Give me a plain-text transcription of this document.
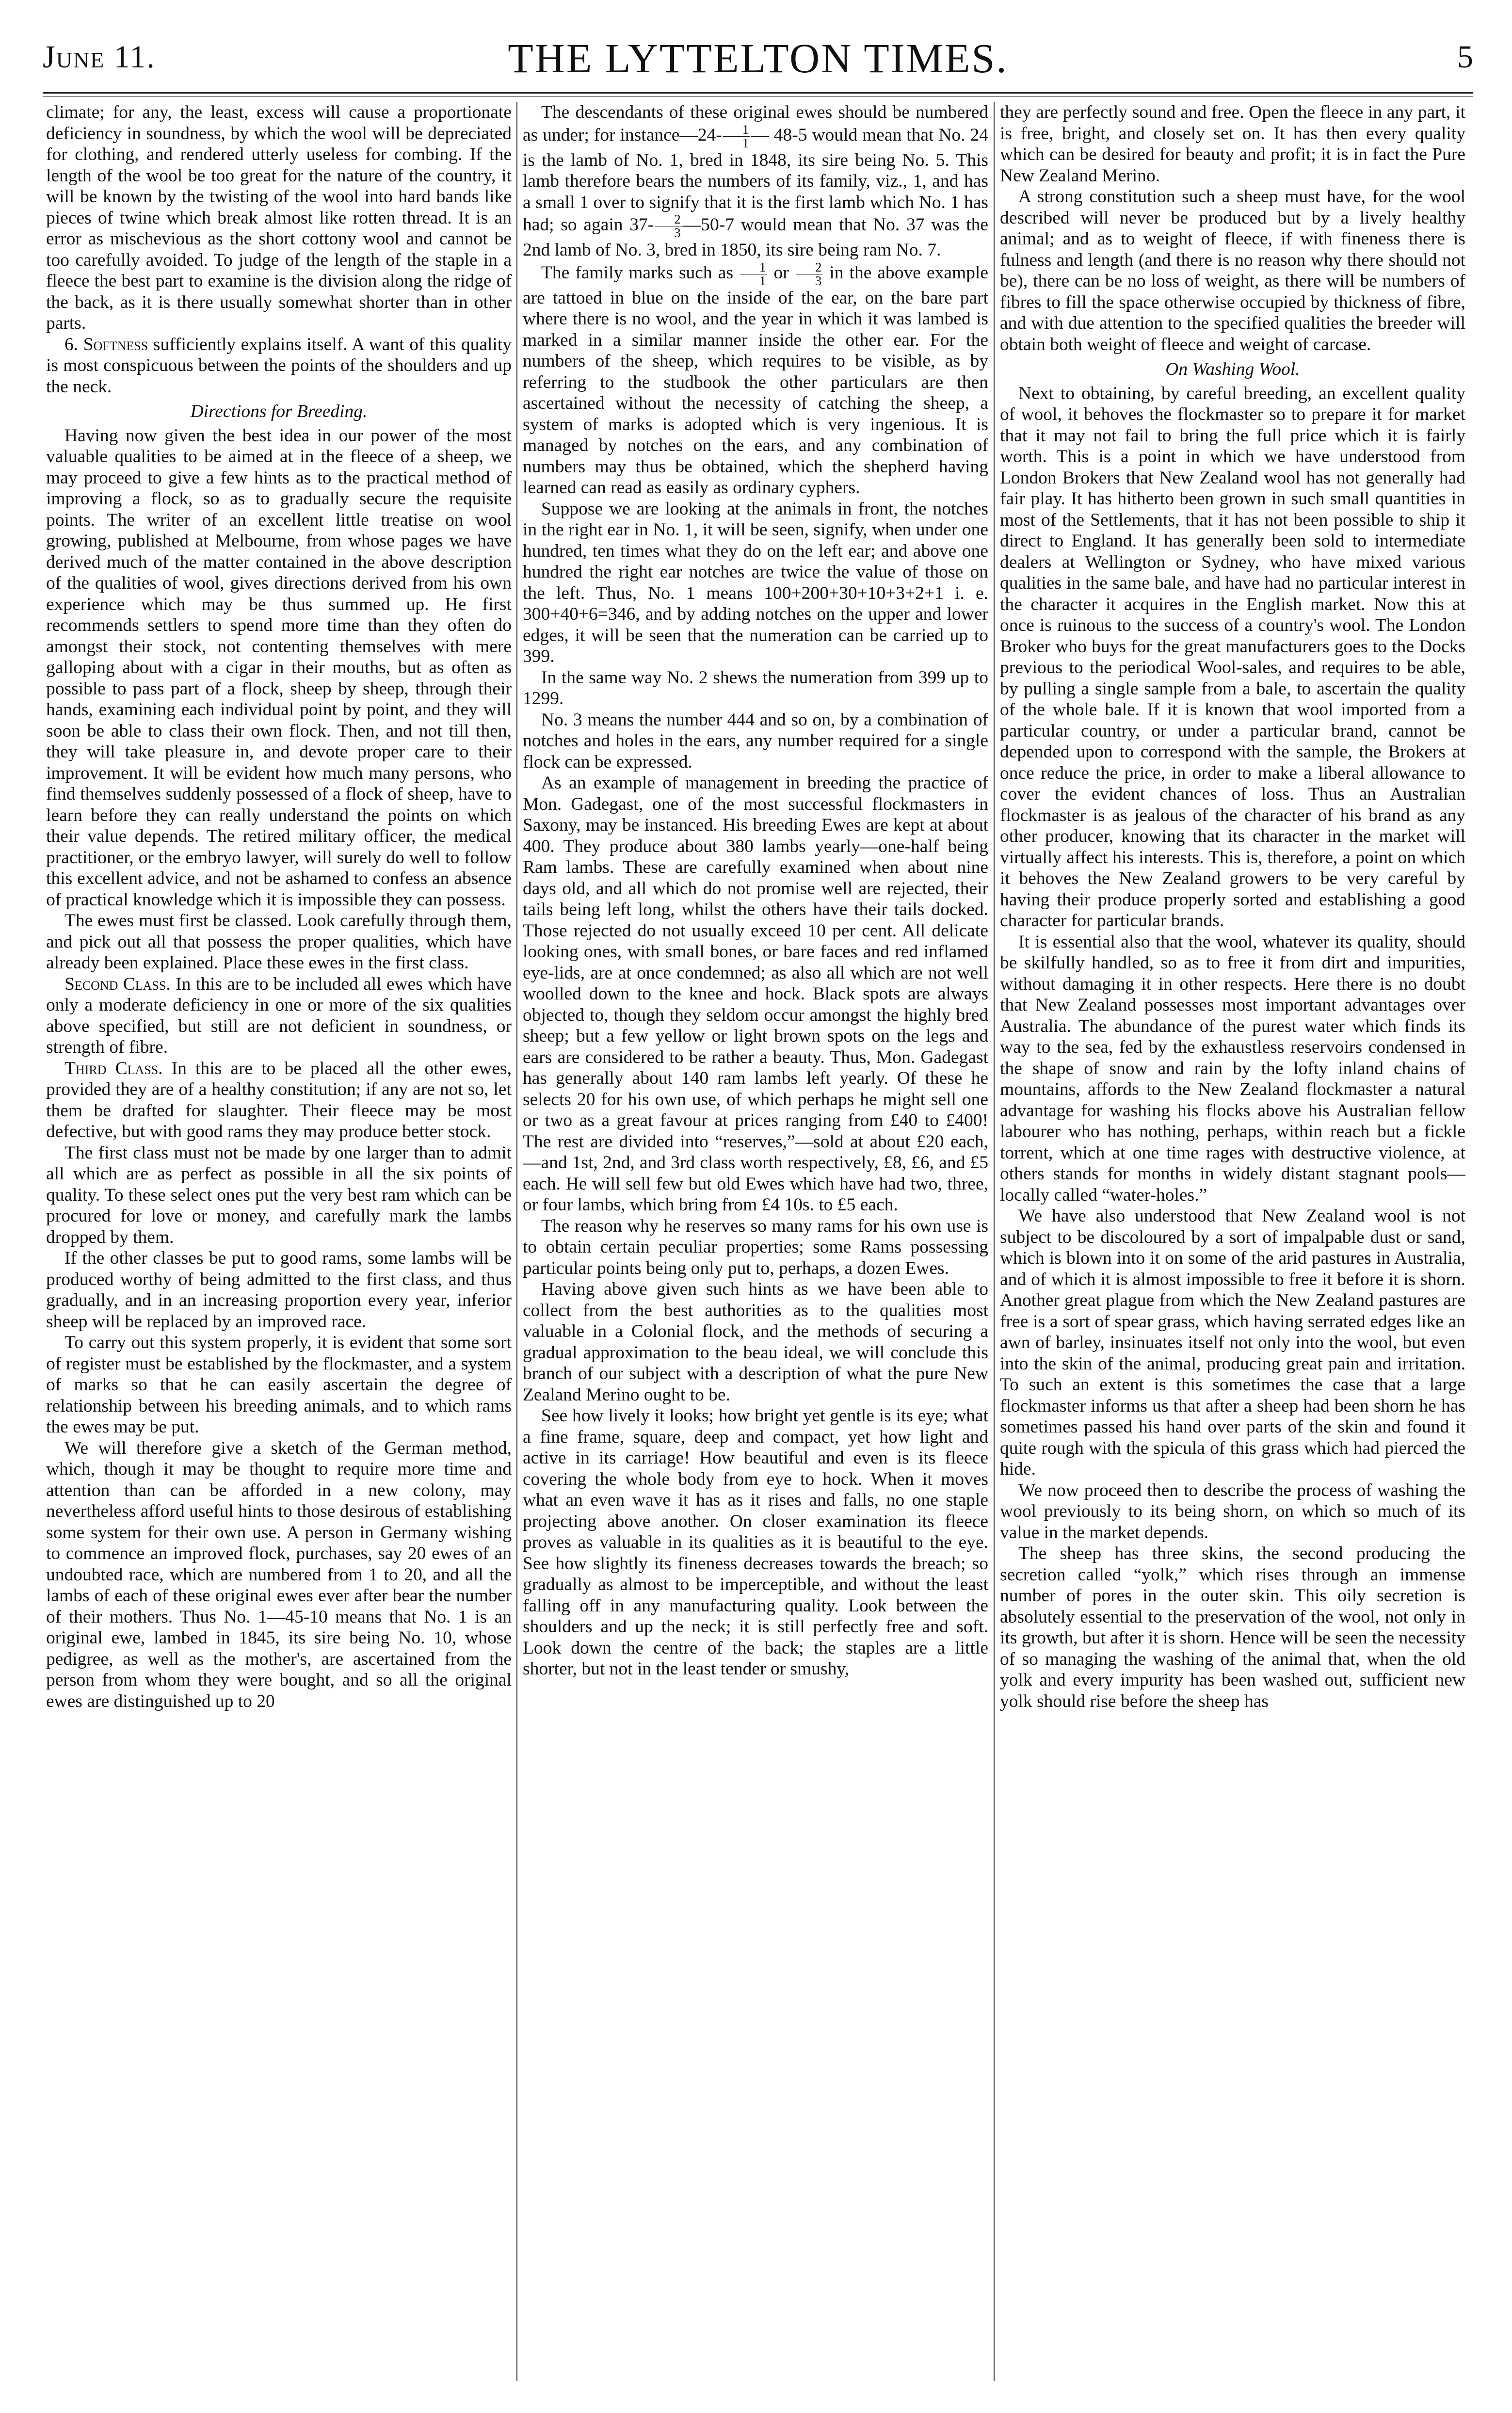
June 11.	THE LYTTELTON TIMES.	5

climate; for any, the least, excess will cause a proportionate deficiency in soundness, by which the wool will be depreciated for clothing, and rendered utterly useless for combing. If the length of the wool be too great for the nature of the country, it will be known by the twisting of the wool into hard bands like pieces of twine which break almost like rotten thread. It is an error as mischevious as the short cottony wool and cannot be too carefully avoided. To judge of the length of the staple in a fleece the best part to examine is the division along the ridge of the back, as it is there usually somewhat shorter than in other parts.

6. Softness sufficiently explains itself. A want of this quality is most conspicuous between the points of the shoulders and up the neck.

Directions for Breeding.

Having now given the best idea in our power of the most valuable qualities to be aimed at in the fleece of a sheep, we may proceed to give a few hints as to the practical method of improving a flock, so as to gradually secure the requisite points. The writer of an excellent little treatise on wool growing, published at Melbourne, from whose pages we have derived much of the matter contained in the above description of the qualities of wool, gives directions derived from his own experience which may be thus summed up. He first recommends settlers to spend more time than they often do amongst their stock, not contenting themselves with mere galloping about with a cigar in their mouths, but as often as possible to pass part of a flock, sheep by sheep, through their hands, examining each individual point by point, and they will soon be able to class their own flock. Then, and not till then, they will take pleasure in, and devote proper care to their improvement. It will be evident how much many persons, who find themselves suddenly possessed of a flock of sheep, have to learn before they can really understand the points on which their value depends. The retired military officer, the medical practitioner, or the embryo lawyer, will surely do well to follow this excellent advice, and not be ashamed to confess an absence of practical knowledge which it is impossible they can possess.

The ewes must first be classed. Look carefully through them, and pick out all that possess the proper qualities, which have already been explained. Place these ewes in the first class.

Second Class. In this are to be included all ewes which have only a moderate deficiency in one or more of the six qualities above specified, but still are not deficient in soundness, or strength of fibre.

Third Class. In this are to be placed all the other ewes, provided they are of a healthy constitution; if any are not so, let them be drafted for slaughter. Their fleece may be most defective, but with good rams they may produce better stock.

The first class must not be made by one larger than to admit all which are as perfect as possible in all the six points of quality. To these select ones put the very best ram which can be procured for love or money, and carefully mark the lambs dropped by them.

If the other classes be put to good rams, some lambs will be produced worthy of being admitted to the first class, and thus gradually, and in an increasing proportion every year, inferior sheep will be replaced by an improved race.

To carry out this system properly, it is evident that some sort of register must be established by the flockmaster, and a system of marks so that he can easily ascertain the degree of relationship between his breeding animals, and to which rams the ewes may be put.

We will therefore give a sketch of the German method, which, though it may be thought to require more time and attention than can be afforded in a new colony, may nevertheless afford useful hints to those desirous of establishing some system for their own use. A person in Germany wishing to commence an improved flock, purchases, say 20 ewes of an undoubted race, which are numbered from 1 to 20, and all the lambs of each of these original ewes ever after bear the number of their mothers. Thus No. 1—45-10 means that No. 1 is an original ewe, lambed in 1845, its sire being No. 10, whose pedigree, as well as the mother's, are ascertained from the person from whom they were bought, and so all the original ewes are distinguished up to 20

The descendants of these original ewes should be numbered as under; for instance—24- $\frac{1}{1}$ — 48-5 would mean that No. 24 is the lamb of No. 1, bred in 1848, its sire being No. 5. This lamb therefore bears the numbers of its family, viz., 1, and has a small 1 over to signify that it is the first lamb which No. 1 has had; so again $37- \frac{2}{3}$ —50-7 would mean that No. 37 was the 2nd lamb of No. 3, bred in 1850, its sire being ram No. 7.

The family marks such as $\frac{1}{1}$ or $\frac{2}{3}$ in the above example are tattoed in blue on the inside of the ear, on the bare part where there is no wool, and the year in which it was lambed is marked in a similar manner inside the other ear. For the numbers of the sheep, which requires to be visible, as by referring to the studbook the other particulars are then ascertained without the necessity of catching the sheep, a system of marks is adopted which is very ingenious. It is managed by notches on the ears, and any combination of numbers may thus be obtained, which the shepherd having learned can read as easily as ordinary cyphers.

Suppose we are looking at the animals in front, the notches in the right ear in No. 1, it will be seen, signify, when under one hundred, ten times what they do on the left ear; and above one hundred the right ear notches are twice the value of those on the left. Thus, No. 1 means 100+200+30+10+3+2+1 i. e. 300+40+6=346, and by adding notches on the upper and lower edges, it will be seen that the numeration can be carried up to 399.

In the same way No. 2 shews the numeration from 399 up to 1299.

No. 3 means the number 444 and so on, by a combination of notches and holes in the ears, any number required for a single flock can be expressed.

As an example of management in breeding the practice of Mon. Gadegast, one of the most successful flockmasters in Saxony, may be instanced. His breeding Ewes are kept at about 400. They produce about 380 lambs yearly—one-half being Ram lambs. These are carefully examined when about nine days old, and all which do not promise well are rejected, their tails being left long, whilst the others have their tails docked. Those rejected do not usually exceed 10 per cent. All delicate looking ones, with small bones, or bare faces and red inflamed eye-lids, are at once condemned; as also all which are not well woolled down to the knee and hock. Black spots are always objected to, though they seldom occur amongst the highly bred sheep; but a few yellow or light brown spots on the legs and ears are considered to be rather a beauty. Thus, Mon. Gadegast has generally about 140 ram lambs left yearly. Of these he selects 20 for his own use, of which perhaps he might sell one or two as a great favour at prices ranging from £40 to £400! The rest are divided into “reserves,”—sold at about £20 each,—and 1st, 2nd, and 3rd class worth respectively, £8, £6, and £5 each. He will sell few but old Ewes which have had two, three, or four lambs, which bring from £4 10s. to £5 each.

The reason why he reserves so many rams for his own use is to obtain certain peculiar properties; some Rams possessing particular points being only put to, perhaps, a dozen Ewes.

Having above given such hints as we have been able to collect from the best authorities as to the qualities most valuable in a Colonial flock, and the methods of securing a gradual approximation to the beau ideal, we will conclude this branch of our subject with a description of what the pure New Zealand Merino ought to be.

See how lively it looks; how bright yet gentle is its eye; what a fine frame, square, deep and compact, yet how light and active in its carriage! How beautiful and even is its fleece covering the whole body from eye to hock. When it moves what an even wave it has as it rises and falls, no one staple projecting above another. On closer examination its fleece proves as valuable in its qualities as it is beautiful to the eye. See how slightly its fineness decreases towards the breach; so gradually as almost to be imperceptible, and without the least falling off in any manufacturing quality. Look between the shoulders and up the neck; it is still perfectly free and soft. Look down the centre of the back; the staples are a little shorter, but not in the least tender or smushy,

they are perfectly sound and free. Open the fleece in any part, it is free, bright, and closely set on. It has then every quality which can be desired for beauty and profit; it is in fact the Pure New Zealand Merino.

A strong constitution such a sheep must have, for the wool described will never be produced but by a lively healthy animal; and as to weight of fleece, if with fineness there is fulness and length (and there is no reason why there should not be), there can be no loss of weight, as there will be numbers of fibres to fill the space otherwise occupied by thickness of fibre, and with due attention to the specified qualities the breeder will obtain both weight of fleece and weight of carcase.

On Washing Wool.

Next to obtaining, by careful breeding, an excellent quality of wool, it behoves the flockmaster so to prepare it for market that it may not fail to bring the full price which it is fairly worth. This is a point in which we have understood from London Brokers that New Zealand wool has not generally had fair play. It has hitherto been grown in such small quantities in most of the Settlements, that it has not been possible to ship it direct to England. It has generally been sold to intermediate dealers at Wellington or Sydney, who have mixed various qualities in the same bale, and have had no particular interest in the character it acquires in the English market. Now this at once is ruinous to the success of a country's wool. The London Broker who buys for the great manufacturers goes to the Docks previous to the periodical Wool-sales, and requires to be able, by pulling a single sample from a bale, to ascertain the quality of the whole bale. If it is known that wool imported from a particular country, or under a particular brand, cannot be depended upon to correspond with the sample, the Brokers at once reduce the price, in order to make a liberal allowance to cover the evident chances of loss. Thus an Australian flockmaster is as jealous of the character of his brand as any other producer, knowing that its character in the market will virtually affect his interests. This is, therefore, a point on which it behoves the New Zealand growers to be very careful by having their produce properly sorted and establishing a good character for particular brands.

It is essential also that the wool, whatever its quality, should be skilfully handled, so as to free it from dirt and impurities, without damaging it in other respects. Here there is no doubt that New Zealand possesses most important advantages over Australia. The abundance of the purest water which finds its way to the sea, fed by the exhaustless reservoirs condensed in the shape of snow and rain by the lofty inland chains of mountains, affords to the New Zealand flockmaster a natural advantage for washing his flocks above his Australian fellow labourer who has nothing, perhaps, within reach but a fickle torrent, which at one time rages with destructive violence, at others stands for months in widely distant stagnant pools—locally called “water-holes.”

We have also understood that New Zealand wool is not subject to be discoloured by a sort of impalpable dust or sand, which is blown into it on some of the arid pastures in Australia, and of which it is almost impossible to free it before it is shorn. Another great plague from which the New Zealand pastures are free is a sort of spear grass, which having serrated edges like an awn of barley, insinuates itself not only into the wool, but even into the skin of the animal, producing great pain and irritation. To such an extent is this sometimes the case that a large flockmaster informs us that after a sheep had been shorn he has sometimes passed his hand over parts of the skin and found it quite rough with the spicula of this grass which had pierced the hide.

We now proceed then to describe the process of washing the wool previously to its being shorn, on which so much of its value in the market depends.

The sheep has three skins, the second producing the secretion called “yolk,” which rises through an immense number of pores in the outer skin. This oily secretion is absolutely essential to the preservation of the wool, not only in its growth, but after it is shorn. Hence will be seen the necessity of so managing the washing of the animal that, when the old yolk and every impurity has been washed out, sufficient new yolk should rise before the sheep has
